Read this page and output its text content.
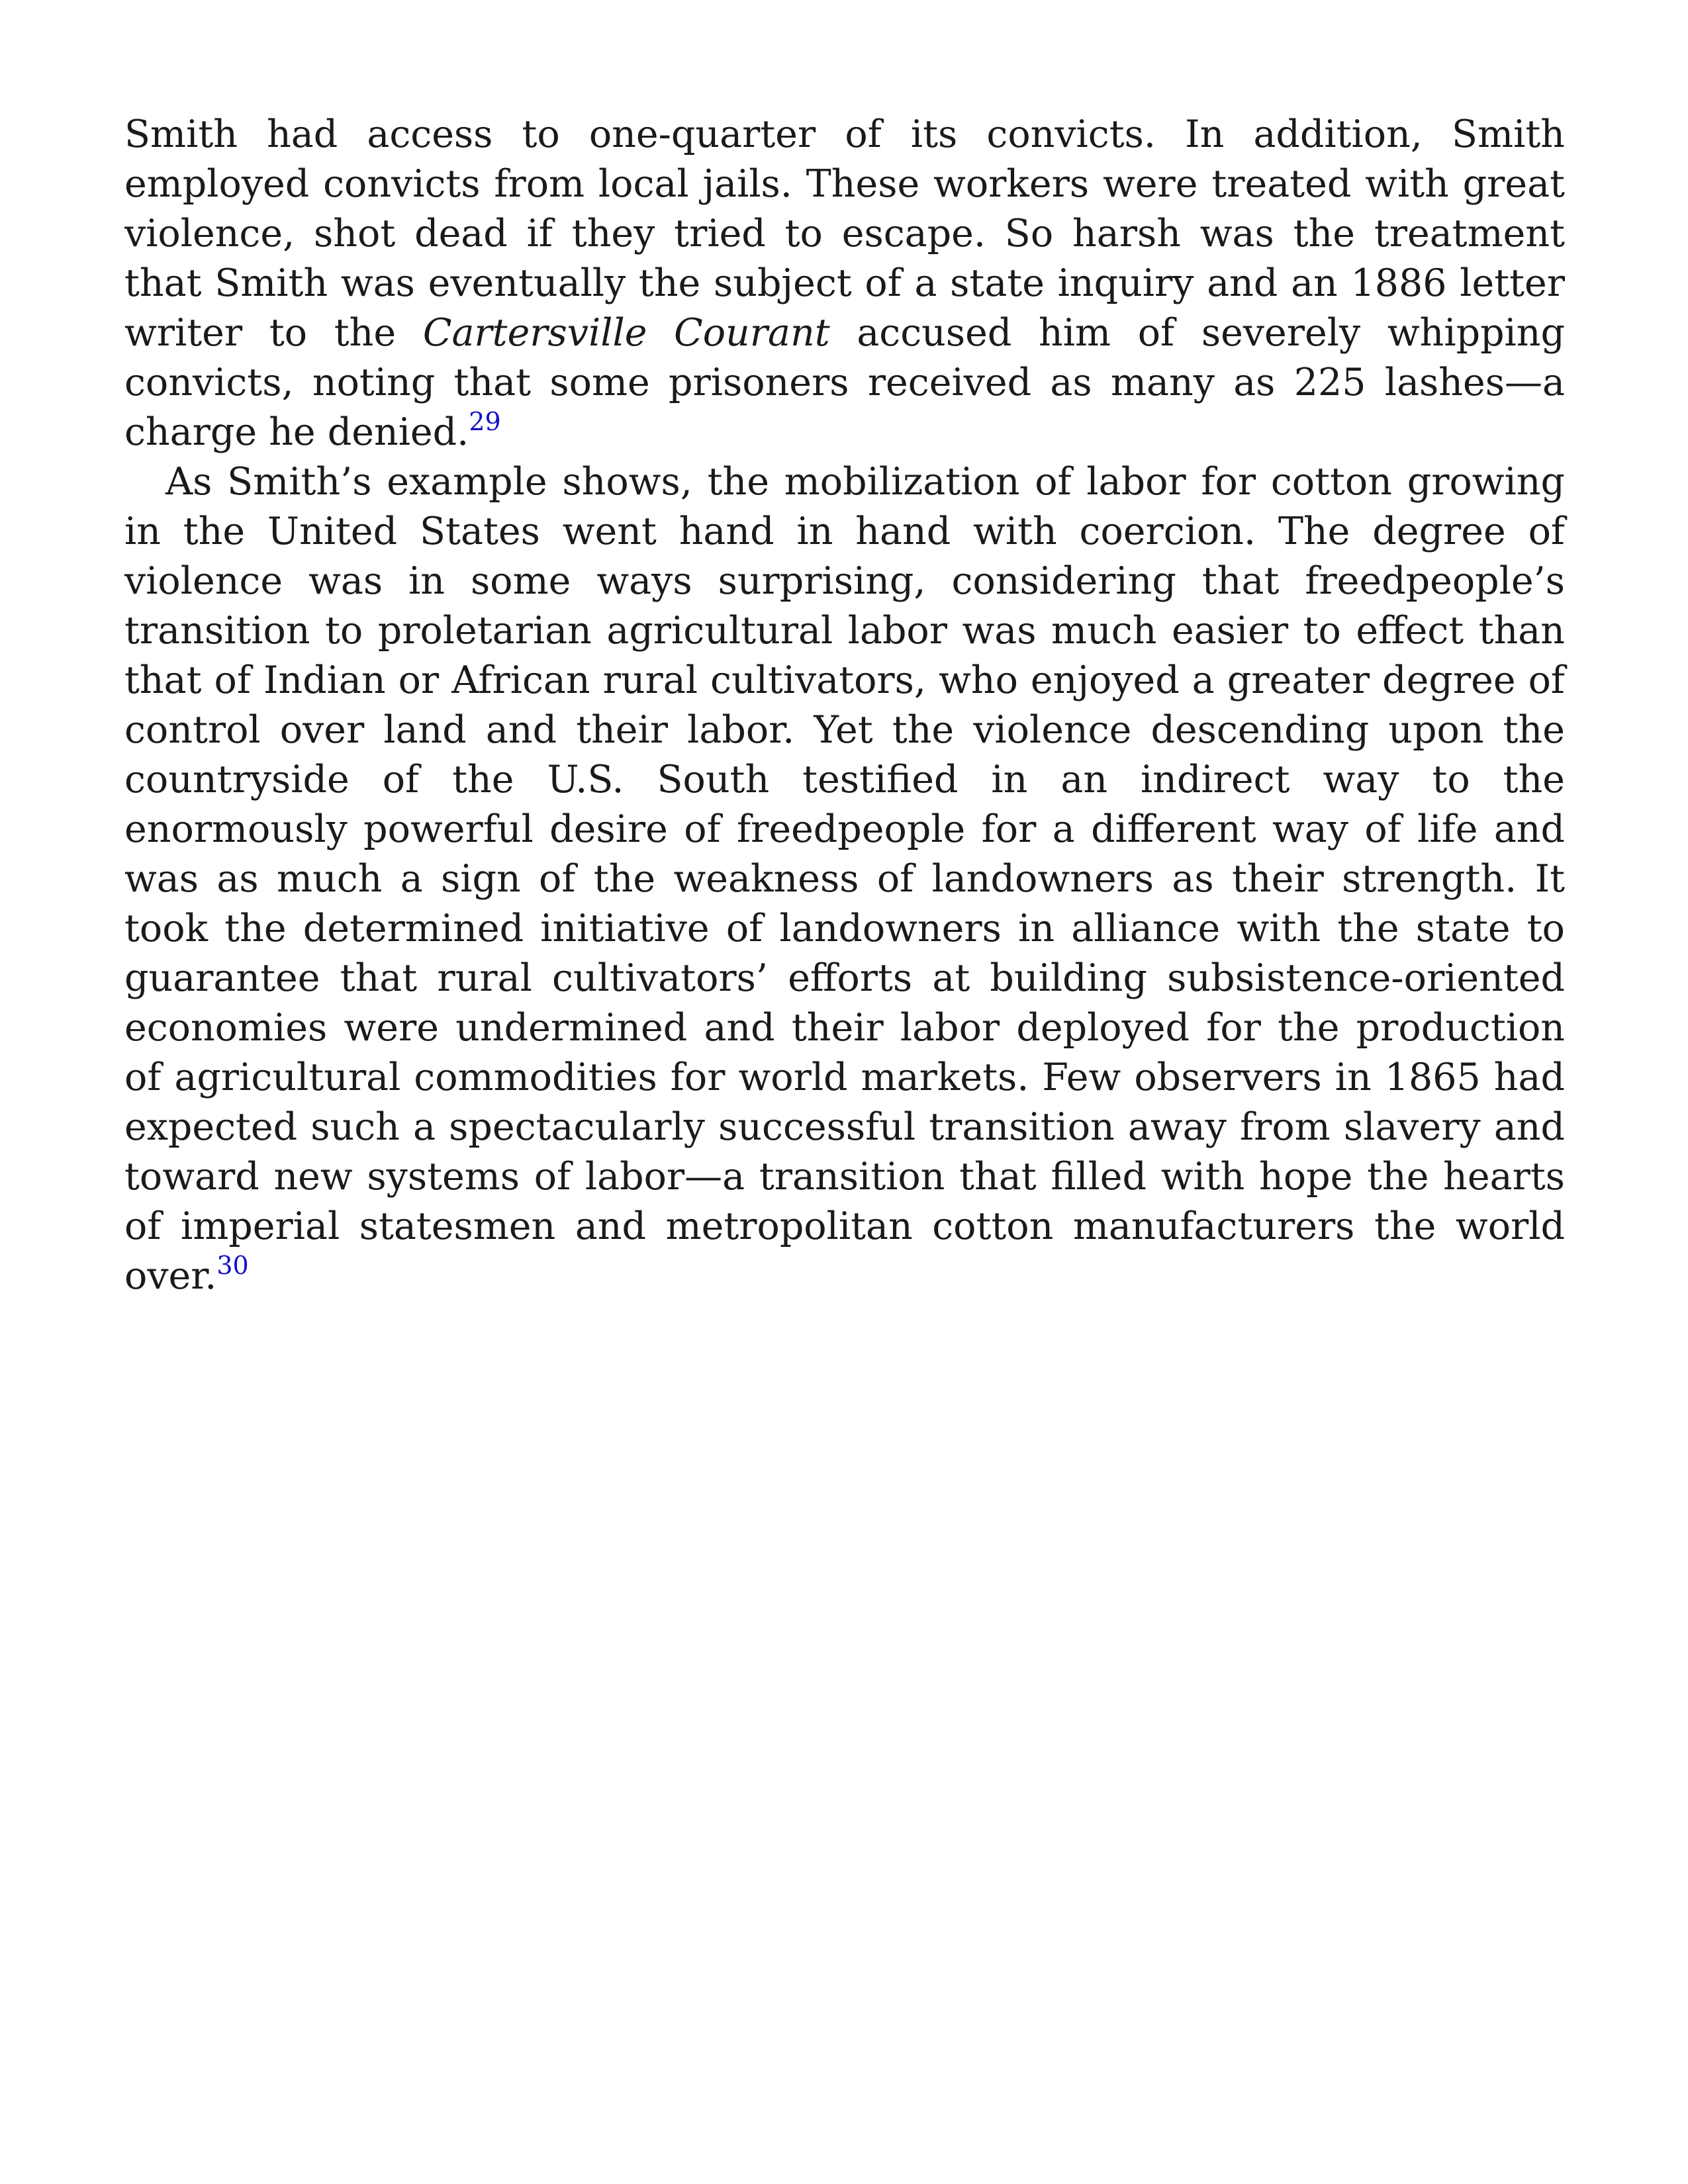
Smith had access to one-quarter of its convicts. In addition, Smith employed convicts from local jails. These workers were treated with great violence, shot dead if they tried to escape. So harsh was the treatment that Smith was eventually the subject of a state inquiry and an 1886 letter writer to the Cartersville Courant accused him of severely whipping convicts, noting that some prisoners received as many as 225 lashes—a charge he denied.$^{29}$

As Smith’s example shows, the mobilization of labor for cotton growing in the United States went hand in hand with coercion. The degree of violence was in some ways surprising, considering that freedpeople’s transition to proletarian agricultural labor was much easier to effect than that of Indian or African rural cultivators, who enjoyed a greater degree of control over land and their labor. Yet the violence descending upon the countryside of the U.S. South testified in an indirect way to the enormously powerful desire of freedpeople for a different way of life and was as much a sign of the weakness of landowners as their strength. It took the determined initiative of landowners in alliance with the state to guarantee that rural cultivators’ efforts at building subsistence-oriented economies were undermined and their labor deployed for the production of agricultural commodities for world markets. Few observers in 1865 had expected such a spectacularly successful transition away from slavery and toward new systems of labor—a transition that filled with hope the hearts of imperial statesmen and metropolitan cotton manufacturers the world over.$^{30}$
